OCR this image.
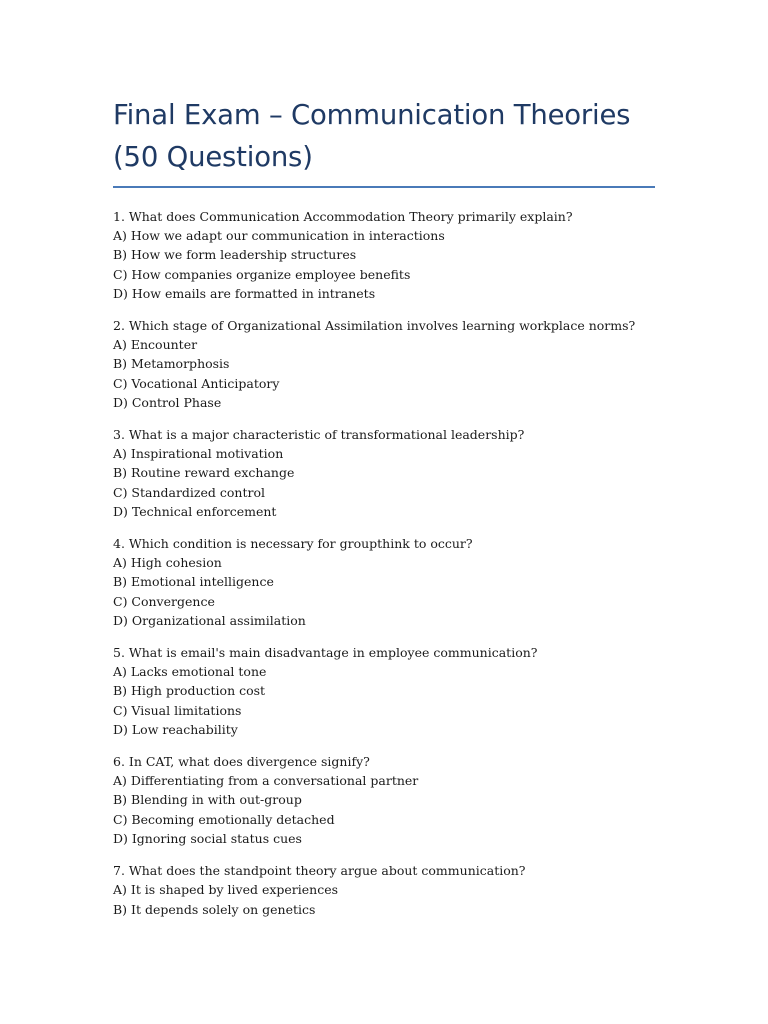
Final Exam – Communication Theories
(50 Questions)

1. What does Communication Accommodation Theory primarily explain?

A) How we adapt our communication in interactions

B) How we form leadership structures

C) How companies organize employee benefits

D) How emails are formatted in intranets

2. Which stage of Organizational Assimilation involves learning workplace norms?

A) Encounter

B) Metamorphosis

C) Vocational Anticipatory

D) Control Phase

3. What is a major characteristic of transformational leadership?

A) Inspirational motivation

B) Routine reward exchange

C) Standardized control

D) Technical enforcement

4. Which condition is necessary for groupthink to occur?

A) High cohesion

B) Emotional intelligence

C) Convergence

D) Organizational assimilation

5. What is email's main disadvantage in employee communication?

A) Lacks emotional tone

B) High production cost

C) Visual limitations

D) Low reachability

6. In CAT, what does divergence signify?

A) Differentiating from a conversational partner

B) Blending in with out-group

C) Becoming emotionally detached

D) Ignoring social status cues

7. What does the standpoint theory argue about communication?

A) It is shaped by lived experiences

B) It depends solely on genetics
